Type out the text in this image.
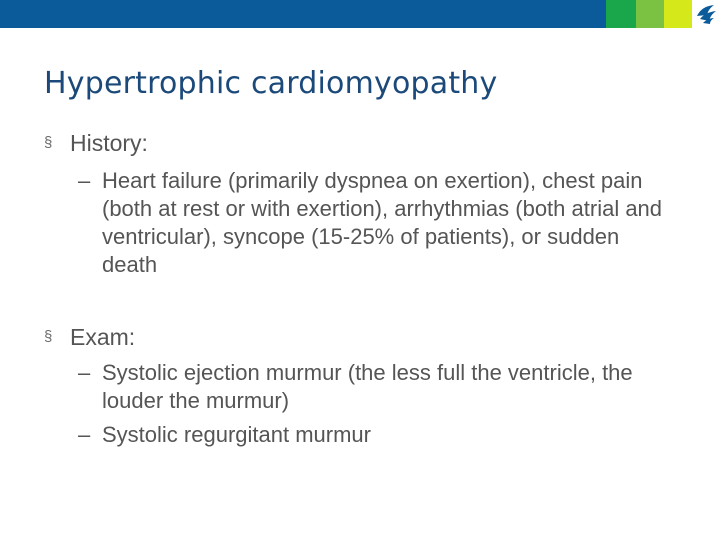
Hypertrophic cardiomyopathy
§ History:
– Heart failure (primarily dyspnea on exertion), chest pain (both at rest or with exertion), arrhythmias (both atrial and ventricular), syncope (15-25% of patients), or sudden death
§ Exam:
– Systolic ejection murmur (the less full the ventricle, the louder the murmur)
– Systolic regurgitant murmur
